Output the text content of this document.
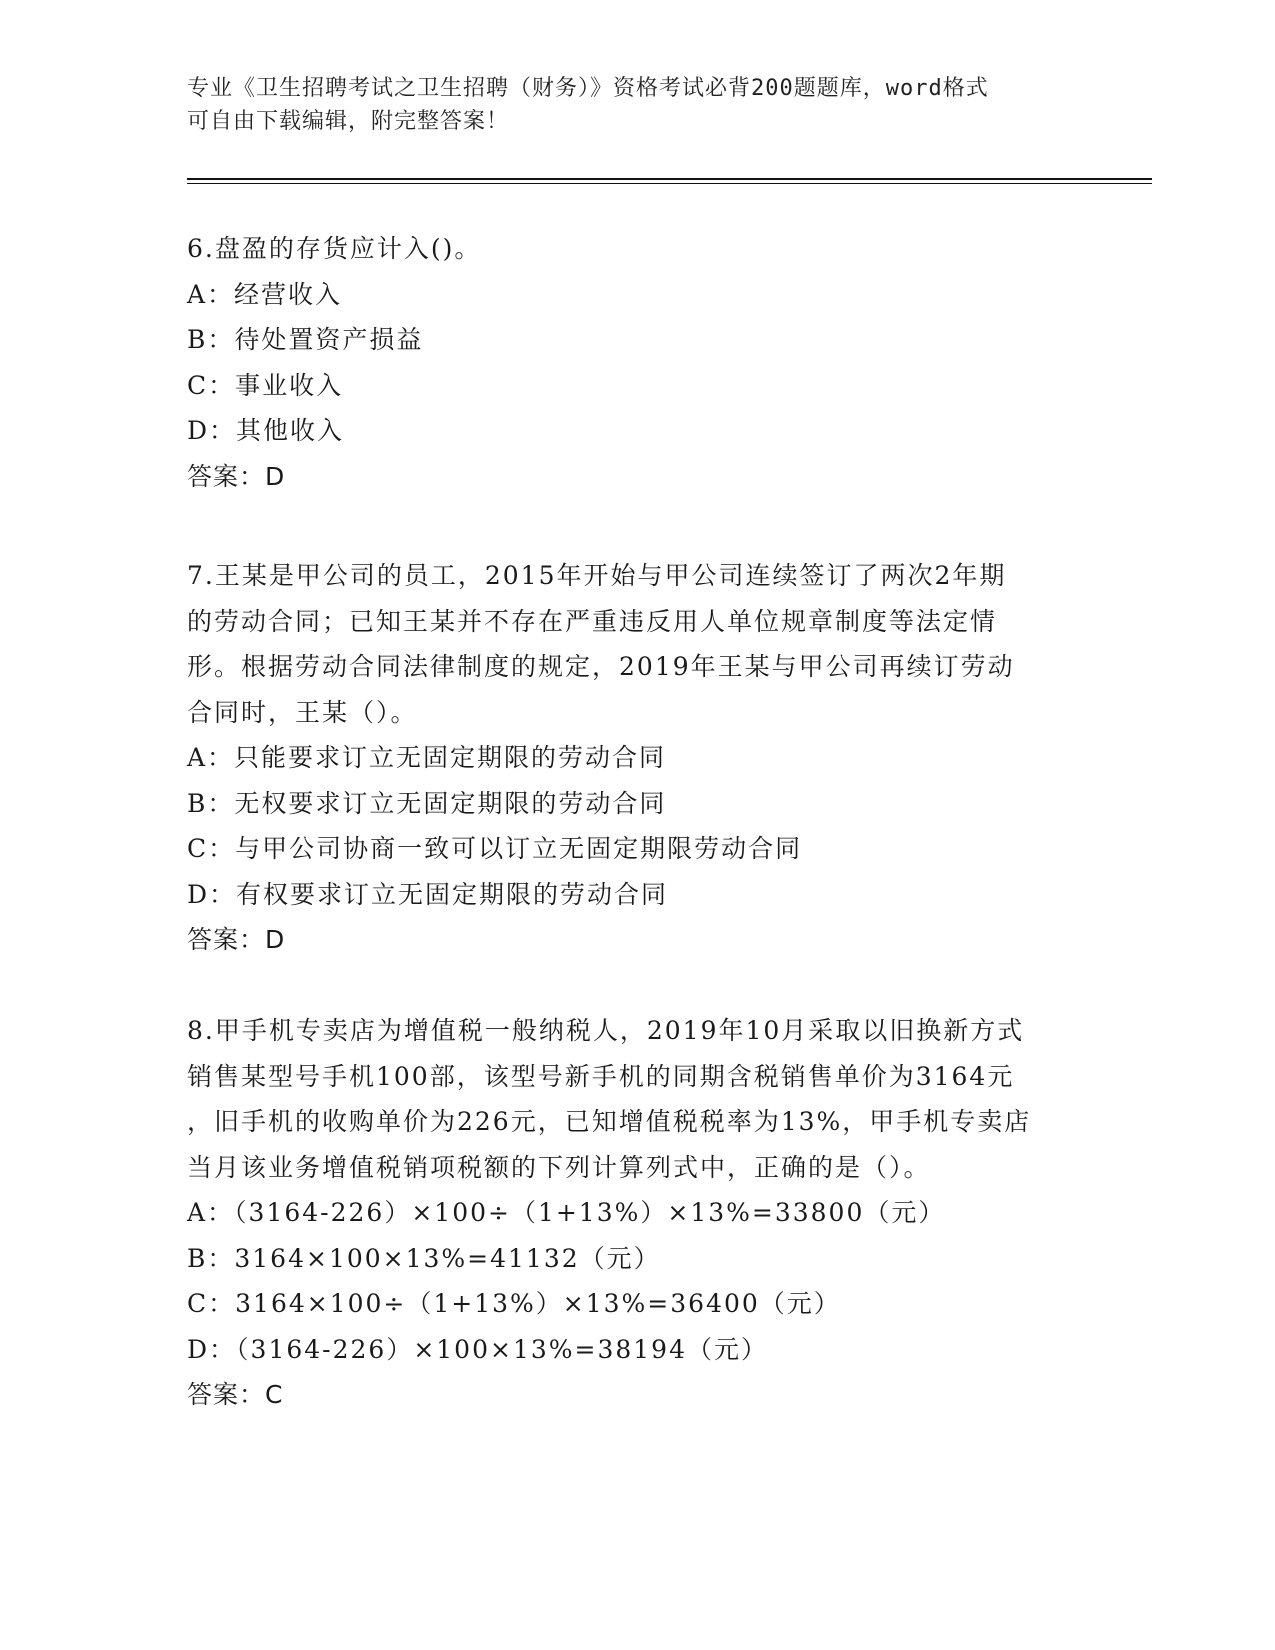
专业《卫生招聘考试之卫生招聘（财务）》资格考试必背200题题库，word格式
可自由下载编辑，附完整答案！

6.盘盈的存货应计入()。

A：经营收入

B：待处置资产损益

C：事业收入

D：其他收入

答案：D

7.王某是甲公司的员工，2015年开始与甲公司连续签订了两次2年期

的劳动合同；已知王某并不存在严重违反用人单位规章制度等法定情

形。根据劳动合同法律制度的规定，2019年王某与甲公司再续订劳动

合同时，王某（）。

A：只能要求订立无固定期限的劳动合同

B：无权要求订立无固定期限的劳动合同

C：与甲公司协商一致可以订立无固定期限劳动合同

D：有权要求订立无固定期限的劳动合同

答案：D

8.甲手机专卖店为增值税一般纳税人，2019年10月采取以旧换新方式

销售某型号手机100部，该型号新手机的同期含税销售单价为3164元

，旧手机的收购单价为226元，已知增值税税率为13%，甲手机专卖店

当月该业务增值税销项税额的下列计算列式中，正确的是（）。

A：（3164-226）×100÷（1+13%）×13%=33800（元）

B：3164×100×13%=41132（元）

C：3164×100÷（1+13%）×13%=36400（元）

D：（3164-226）×100×13%=38194（元）

答案：C
